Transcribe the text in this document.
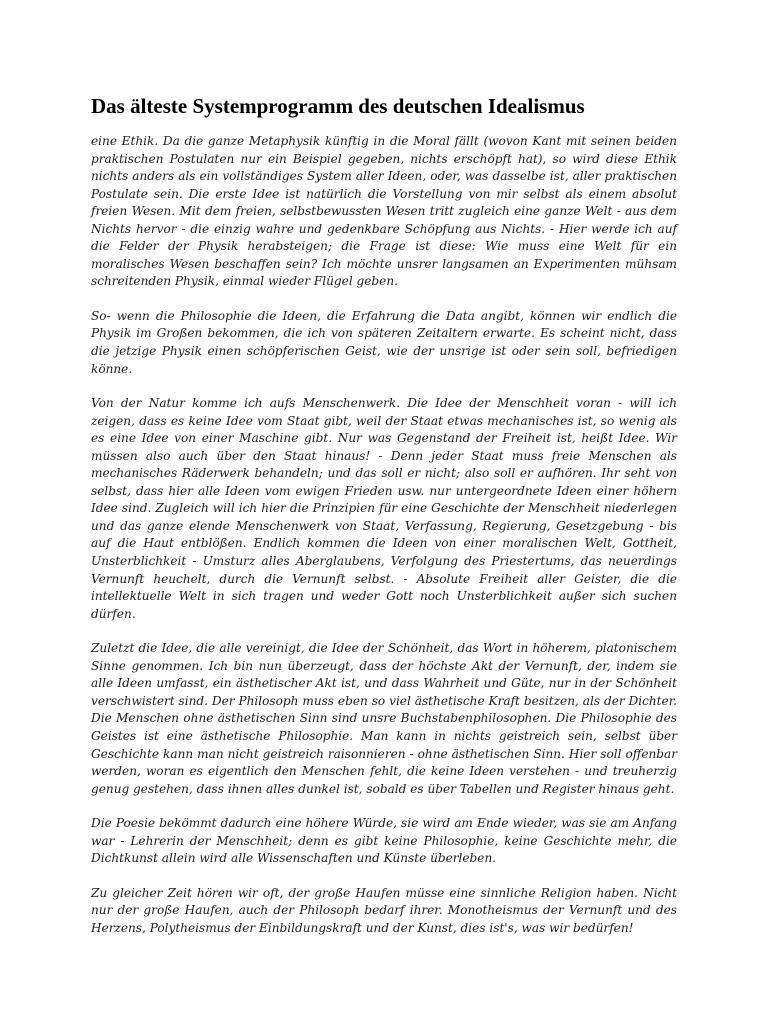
Das älteste Systemprogramm des deutschen Idealismus

eine Ethik. Da die ganze Metaphysik künftig in die Moral fällt (wovon Kant mit seinen beiden praktischen Postulaten nur ein Beispiel gegeben, nichts erschöpft hat), so wird diese Ethik nichts anders als ein vollständiges System aller Ideen, oder, was dasselbe ist, aller praktischen Postulate sein. Die erste Idee ist natürlich die Vorstellung von mir selbst als einem absolut freien Wesen. Mit dem freien, selbstbewussten Wesen tritt zugleich eine ganze Welt - aus dem Nichts hervor - die einzig wahre und gedenkbare Schöpfung aus Nichts. - Hier werde ich auf die Felder der Physik herabsteigen; die Frage ist diese: Wie muss eine Welt für ein moralisches Wesen beschaffen sein? Ich möchte unsrer langsamen an Experimenten mühsam schreitenden Physik, einmal wieder Flügel geben.

So- wenn die Philosophie die Ideen, die Erfahrung die Data angibt, können wir endlich die Physik im Großen bekommen, die ich von späteren Zeitaltern erwarte. Es scheint nicht, dass die jetzige Physik einen schöpferischen Geist, wie der unsrige ist oder sein soll, befriedigen könne.

Von der Natur komme ich aufs Menschenwerk. Die Idee der Menschheit voran - will ich zeigen, dass es keine Idee vom Staat gibt, weil der Staat etwas mechanisches ist, so wenig als es eine Idee von einer Maschine gibt. Nur was Gegenstand der Freiheit ist, heißt Idee. Wir müssen also auch über den Staat hinaus! - Denn jeder Staat muss freie Menschen als mechanisches Räderwerk behandeln; und das soll er nicht; also soll er aufhören. Ihr seht von selbst, dass hier alle Ideen vom ewigen Frieden usw. nur untergeordnete Ideen einer höhern Idee sind. Zugleich will ich hier die Prinzipien für eine Geschichte der Menschheit niederlegen und das ganze elende Menschenwerk von Staat, Verfassung, Regierung, Gesetzgebung - bis auf die Haut entblößen. Endlich kommen die Ideen von einer moralischen Welt, Gottheit, Unsterblichkeit - Umsturz alles Aberglaubens, Verfolgung des Priestertums, das neuerdings Vernunft heuchelt, durch die Vernunft selbst. - Absolute Freiheit aller Geister, die die intellektuelle Welt in sich tragen und weder Gott noch Unsterblichkeit außer sich suchen dürfen.

Zuletzt die Idee, die alle vereinigt, die Idee der Schönheit, das Wort in höherem, platonischem Sinne genommen. Ich bin nun überzeugt, dass der höchste Akt der Vernunft, der, indem sie alle Ideen umfasst, ein ästhetischer Akt ist, und dass Wahrheit und Güte, nur in der Schönheit verschwistert sind. Der Philosoph muss eben so viel ästhetische Kraft besitzen, als der Dichter. Die Menschen ohne ästhetischen Sinn sind unsre Buchstabenphilosophen. Die Philosophie des Geistes ist eine ästhetische Philosophie. Man kann in nichts geistreich sein, selbst über Geschichte kann man nicht geistreich raisonnieren - ohne ästhetischen Sinn. Hier soll offenbar werden, woran es eigentlich den Menschen fehlt, die keine Ideen verstehen - und treuherzig genug gestehen, dass ihnen alles dunkel ist, sobald es über Tabellen und Register hinaus geht.

Die Poesie bekömmt dadurch eine höhere Würde, sie wird am Ende wieder, was sie am Anfang war - Lehrerin der Menschheit; denn es gibt keine Philosophie, keine Geschichte mehr, die Dichtkunst allein wird alle Wissenschaften und Künste überleben.

Zu gleicher Zeit hören wir oft, der große Haufen müsse eine sinnliche Religion haben. Nicht nur der große Haufen, auch der Philosoph bedarf ihrer. Monotheismus der Vernunft und des Herzens, Polytheismus der Einbildungskraft und der Kunst, dies ist's, was wir bedürfen!
